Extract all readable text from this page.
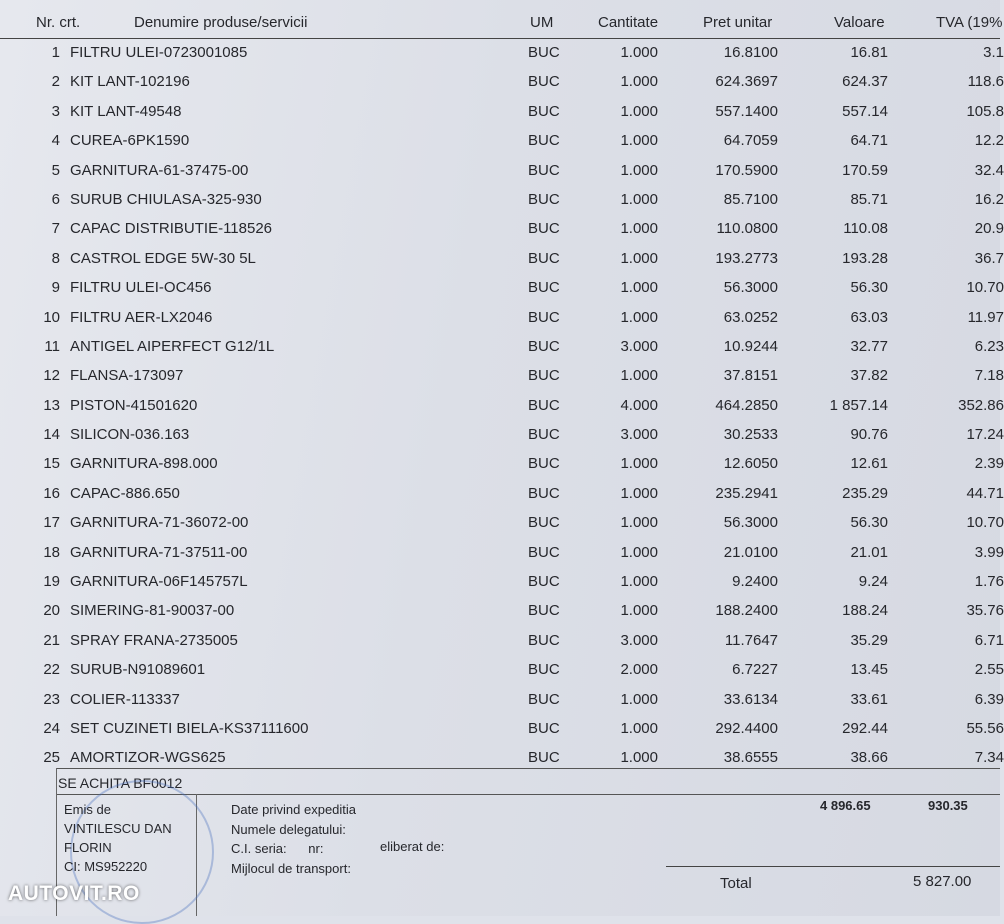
Nr. crt.	Denumire produse/servicii	UM	Cantitate	Pret unitar	Valoare	TVA (19%
1 FILTRU ULEI-0723001085	BUC	1.000	16.8100	16.81	3.1
2 KIT LANT-102196	BUC	1.000	624.3697	624.37	118.6
3 KIT LANT-49548	BUC	1.000	557.1400	557.14	105.8
4 CUREA-6PK1590	BUC	1.000	64.7059	64.71	12.2
5 GARNITURA-61-37475-00	BUC	1.000	170.5900	170.59	32.4
6 SURUB CHIULASA-325-930	BUC	1.000	85.7100	85.71	16.2
7 CAPAC DISTRIBUTIE-118526	BUC	1.000	110.0800	110.08	20.9
8 CASTROL EDGE 5W-30 5L	BUC	1.000	193.2773	193.28	36.7
9 FILTRU ULEI-OC456	BUC	1.000	56.3000	56.30	10.70
10 FILTRU AER-LX2046	BUC	1.000	63.0252	63.03	11.97
11 ANTIGEL AIPERFECT G12/1L	BUC	3.000	10.9244	32.77	6.23
12 FLANSA-173097	BUC	1.000	37.8151	37.82	7.18
13 PISTON-41501620	BUC	4.000	464.2850	1 857.14	352.86
14 SILICON-036.163	BUC	3.000	30.2533	90.76	17.24
15 GARNITURA-898.000	BUC	1.000	12.6050	12.61	2.39
16 CAPAC-886.650	BUC	1.000	235.2941	235.29	44.71
17 GARNITURA-71-36072-00	BUC	1.000	56.3000	56.30	10.70
18 GARNITURA-71-37511-00	BUC	1.000	21.0100	21.01	3.99
19 GARNITURA-06F145757L	BUC	1.000	9.2400	9.24	1.76
20 SIMERING-81-90037-00	BUC	1.000	188.2400	188.24	35.76
21 SPRAY FRANA-2735005	BUC	3.000	11.7647	35.29	6.71
22 SURUB-N91089601	BUC	2.000	6.7227	13.45	2.55
23 COLIER-113337	BUC	1.000	33.6134	33.61	6.39
24 SET CUZINETI BIELA-KS37111600	BUC	1.000	292.4400	292.44	55.56
25 AMORTIZOR-WGS625	BUC	1.000	38.6555	38.66	7.34
SE ACHITA BF0012
Emis de
VINTILESCU DAN
FLORIN
CI: MS952220
Date privind expeditia
Numele delegatului:
C.I. seria: nr:
Mijlocul de transport:
eliberat de:
4 896.65	930.35
Total	5 827.00
AUTOVIT.RO
